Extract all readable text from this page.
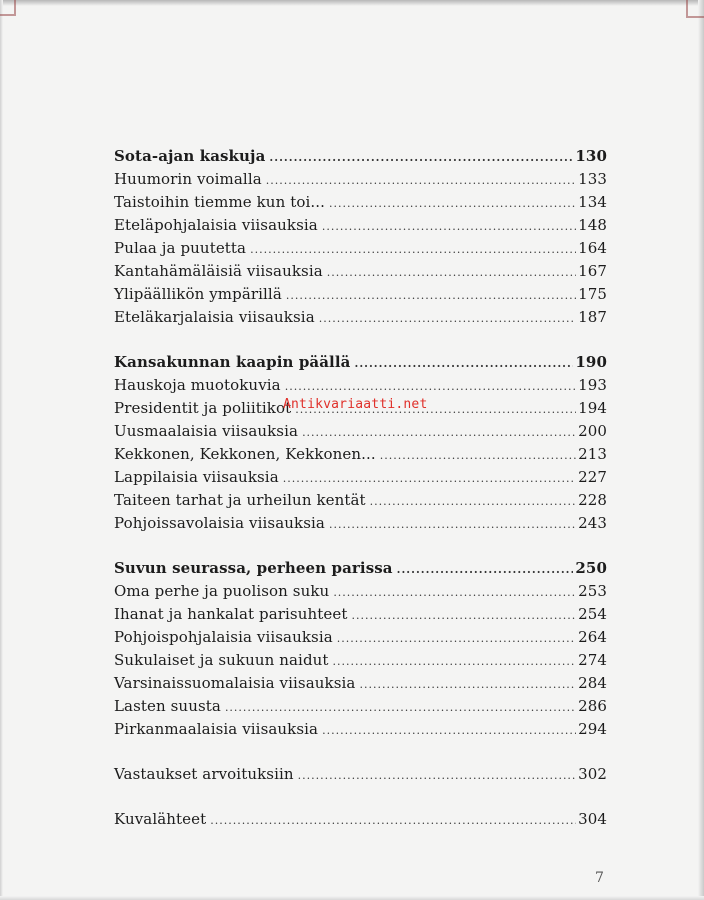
Sota-ajan kaskuja .....	130
Huumorin voimalla .....	133
Taistoihin tiemme kun toi... .....	134
Eteläpohjalaisia viisauksia .....	148
Pulaa ja puutetta .....	164
Kantahämäläisiä viisauksia .....	167
Ylipäällikön ympärillä .....	175
Eteläkarjalaisia viisauksia .....	187
Kansakunnan kaapin päällä .....	190
Hauskoja muotokuvia .....	193
Presidentit ja poliitikot .....	194
Uusmaalaisia viisauksia .....	200
Kekkonen, Kekkonen, Kekkonen... .....	213
Lappilaisia viisauksia .....	227
Taiteen tarhat ja urheilun kentät .....	228
Pohjoissavolaisia viisauksia .....	243
Suvun seurassa, perheen parissa .....	250
Oma perhe ja puolison suku .....	253
Ihanat ja hankalat parisuhteet .....	254
Pohjoispohjalaisia viisauksia .....	264
Sukulaiset ja sukuun naidut .....	274
Varsinaissuomalaisia viisauksia .....	284
Lasten suusta .....	286
Pirkanmaalaisia viisauksia .....	294
Vastaukset arvoituksiin .....	302
Kuvalähteet .....	304
Antikvariaatti.net
7
